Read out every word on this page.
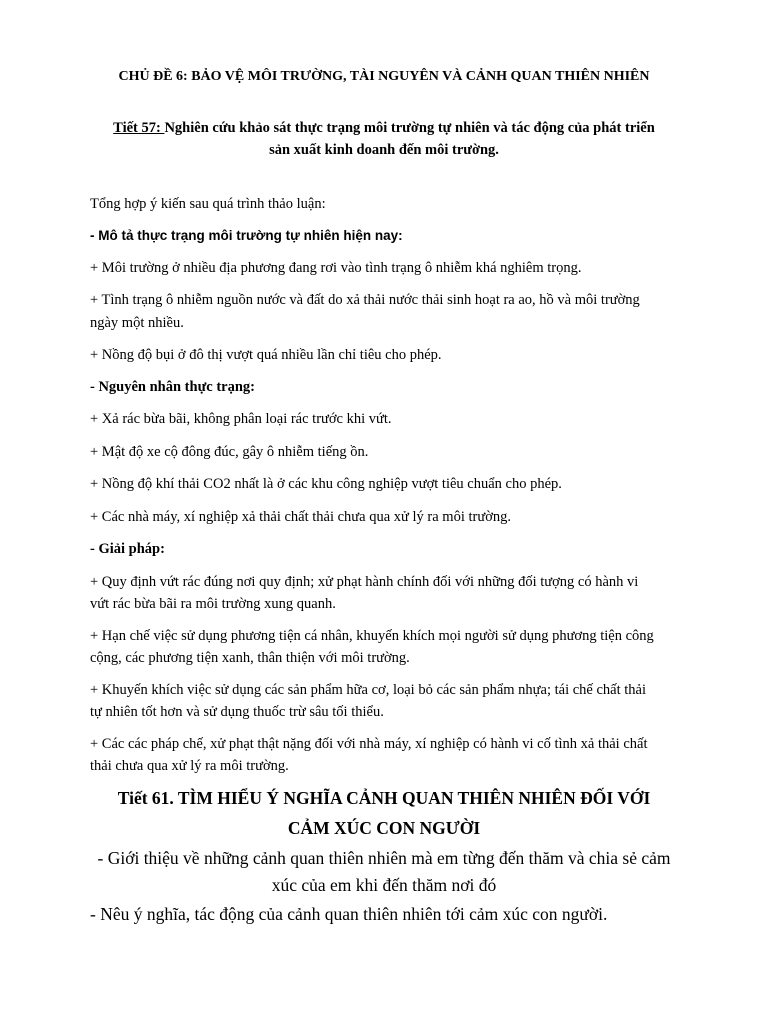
CHỦ ĐỀ 6: BẢO VỆ MÔI TRƯỜNG, TÀI NGUYÊN VÀ CẢNH QUAN THIÊN NHIÊN
Tiết 57: Nghiên cứu khảo sát thực trạng môi trường tự nhiên và tác động của phát triển
sản xuất kinh doanh đến môi trường.
Tổng hợp ý kiến sau quá trình thảo luận:
- Mô tả thực trạng môi trường tự nhiên hiện nay:
+ Môi trường ở nhiều địa phương đang rơi vào tình trạng ô nhiễm khá nghiêm trọng.
+ Tình trạng ô nhiễm nguồn nước và đất do xả thải nước thải sinh hoạt ra ao, hồ và môi trường
ngày một nhiều.
+ Nồng độ bụi ở đô thị vượt quá nhiều lần chỉ tiêu cho phép.
- Nguyên nhân thực trạng:
+ Xả rác bừa bãi, không phân loại rác trước khi vứt.
+ Mật độ xe cộ đông đúc, gây ô nhiễm tiếng ồn.
+ Nồng độ khí thải CO2 nhất là ở các khu công nghiệp vượt tiêu chuẩn cho phép.
+ Các nhà máy, xí nghiệp xả thải chất thải chưa qua xử lý ra môi trường.
- Giải pháp:
+ Quy định vứt rác đúng nơi quy định; xử phạt hành chính đối với những đối tượng có hành vi
vứt rác bừa bãi ra môi trường xung quanh.
+ Hạn chế việc sử dụng phương tiện cá nhân, khuyến khích mọi người sử dụng phương tiện công
cộng, các phương tiện xanh, thân thiện với môi trường.
+ Khuyến khích việc sử dụng các sản phẩm hữa cơ, loại bỏ các sản phẩm nhựa; tái chế chất thải
tự nhiên tốt hơn và sử dụng thuốc trừ sâu tối thiểu.
+ Các các pháp chế, xử phạt thật nặng đối với nhà máy, xí nghiệp có hành vi cố tình xả thải chất
thải chưa qua xử lý ra môi trường.
Tiết 61. TÌM HIỂU Ý NGHĨA CẢNH QUAN THIÊN NHIÊN ĐỐI VỚI
CẢM XÚC CON NGƯỜI
- Giới thiệu về những cảnh quan thiên nhiên mà em từng đến thăm và chia sẻ cảm
xúc của em khi đến thăm nơi đó
- Nêu ý nghĩa, tác động của cảnh quan thiên nhiên tới cảm xúc con người.
